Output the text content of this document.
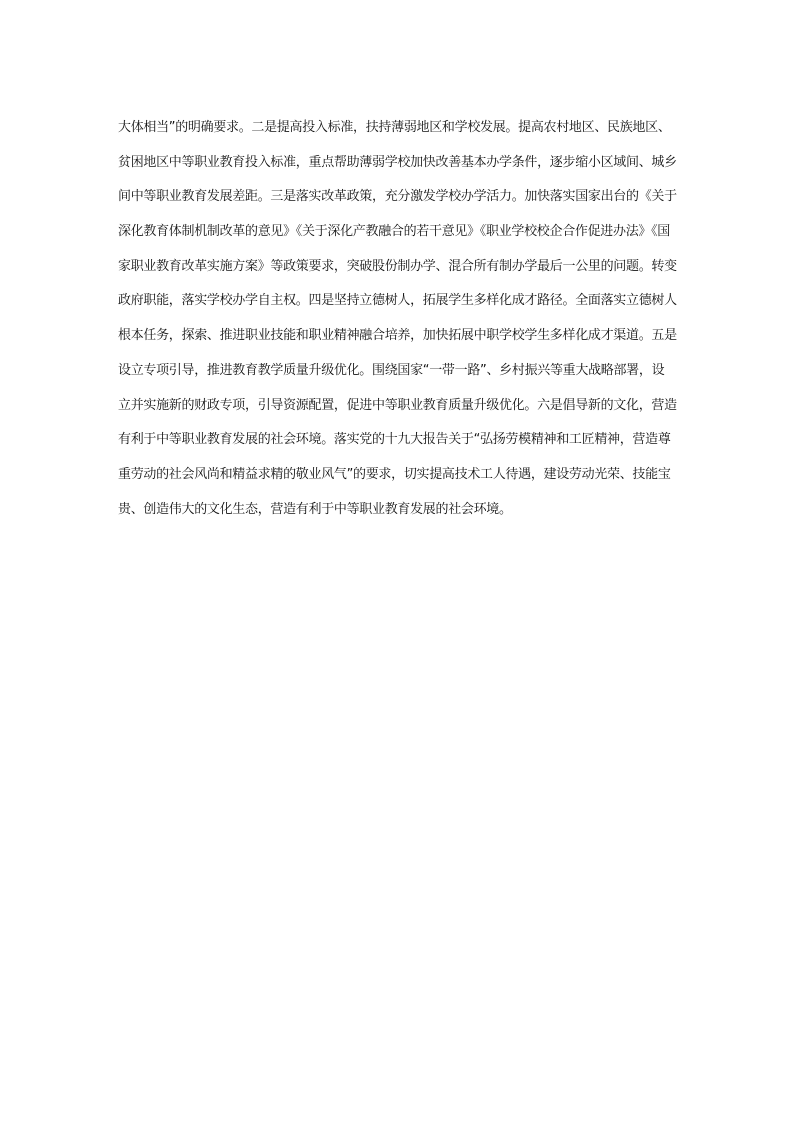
大体相当”的明确要求。二是提高投入标准，扶持薄弱地区和学校发展。提高农村地区、民族地区、
贫困地区中等职业教育投入标准，重点帮助薄弱学校加快改善基本办学条件，逐步缩小区域间、城乡
间中等职业教育发展差距。三是落实改革政策，充分激发学校办学活力。加快落实国家出台的《关于
深化教育体制机制改革的意见》《关于深化产教融合的若干意见》《职业学校校企合作促进办法》《国
家职业教育改革实施方案》等政策要求，突破股份制办学、混合所有制办学最后一公里的问题。转变
政府职能，落实学校办学自主权。四是坚持立德树人，拓展学生多样化成才路径。全面落实立德树人
根本任务，探索、推进职业技能和职业精神融合培养，加快拓展中职学校学生多样化成才渠道。五是
设立专项引导，推进教育教学质量升级优化。围绕国家“一带一路”、乡村振兴等重大战略部署，设
立并实施新的财政专项，引导资源配置，促进中等职业教育质量升级优化。六是倡导新的文化，营造
有利于中等职业教育发展的社会环境。落实党的十九大报告关于“弘扬劳模精神和工匠精神，营造尊
重劳动的社会风尚和精益求精的敬业风气”的要求，切实提高技术工人待遇，建设劳动光荣、技能宝
贵、创造伟大的文化生态，营造有利于中等职业教育发展的社会环境。
